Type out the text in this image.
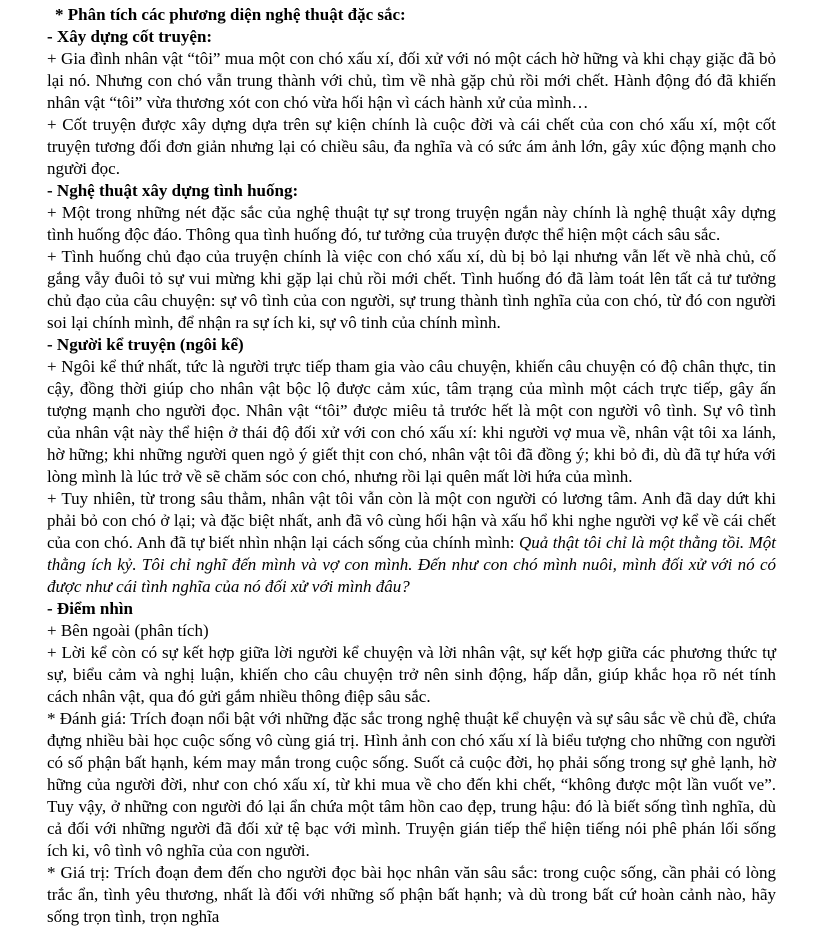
* Phân tích các phương diện nghệ thuật đặc sắc:

- Xây dựng cốt truyện:

+ Gia đình nhân vật “tôi” mua một con chó xấu xí, đối xử với nó một cách hờ hững và khi chạy giặc đã bỏ lại nó. Nhưng con chó vẫn trung thành với chủ, tìm về nhà gặp chủ rồi mới chết. Hành động đó đã khiến nhân vật “tôi” vừa thương xót con chó vừa hối hận vì cách hành xử của mình…

+ Cốt truyện được xây dựng dựa trên sự kiện chính là cuộc đời và cái chết của con chó xấu xí, một cốt truyện tương đối đơn giản nhưng lại có chiều sâu, đa nghĩa và có sức ám ảnh lớn, gây xúc động mạnh cho người đọc.

- Nghệ thuật xây dựng tình huống:

+ Một trong những nét đặc sắc của nghệ thuật tự sự trong truyện ngắn này chính là nghệ thuật xây dựng tình huống độc đáo. Thông qua tình huống đó, tư tưởng của truyện được thể hiện một cách sâu sắc.

+ Tình huống chủ đạo của truyện chính là việc con chó xấu xí, dù bị bỏ lại nhưng vẫn lết về nhà chủ, cố gắng vẫy đuôi tỏ sự vui mừng khi gặp lại chủ rồi mới chết. Tình huống đó đã làm toát lên tất cả tư tưởng chủ đạo của câu chuyện: sự vô tình của con người, sự trung thành tình nghĩa của con chó, từ đó con người soi lại chính mình, để nhận ra sự ích ki, sự vô tinh của chính mình.

- Người kể truyện (ngôi kể)

+ Ngôi kể thứ nhất, tức là người trực tiếp tham gia vào câu chuyện, khiến câu chuyện có độ chân thực, tin cậy, đồng thời giúp cho nhân vật bộc lộ được cảm xúc, tâm trạng của mình một cách trực tiếp, gây ấn tượng mạnh cho người đọc. Nhân vật “tôi” được miêu tả trước hết là một con người vô tình. Sự vô tình của nhân vật này thể hiện ở thái độ đối xử với con chó xấu xí: khi người vợ mua về, nhân vật tôi xa lánh, hờ hững; khi những người quen ngỏ ý giết thịt con chó, nhân vật tôi đã đồng ý; khi bỏ đi, dù đã tự hứa với lòng mình là lúc trở về sẽ chăm sóc con chó, nhưng rồi lại quên mất lời hứa của mình.

+ Tuy nhiên, từ trong sâu thẳm, nhân vật tôi vẫn còn là một con người có lương tâm. Anh đã day dứt khi phải bỏ con chó ở lại; và đặc biệt nhất, anh đã vô cùng hối hận và xấu hổ khi nghe người vợ kể về cái chết của con chó. Anh đã tự biết nhìn nhận lại cách sống của chính mình: Quả thật tôi chỉ là một thằng tồi. Một thằng ích kỷ. Tôi chỉ nghĩ đến mình và vợ con mình. Đến như con chó mình nuôi, mình đối xử với nó có được như cái tình nghĩa của nó đối xử với mình đâu?

- Điểm nhìn

+ Bên ngoài (phân tích)

+ Lời kể còn có sự kết hợp giữa lời người kể chuyện và lời nhân vật, sự kết hợp giữa các phương thức tự sự, biểu cảm và nghị luận, khiến cho câu chuyện trở nên sinh động, hấp dẫn, giúp khắc họa rõ nét tính cách nhân vật, qua đó gửi gắm nhiều thông điệp sâu sắc.

* Đánh giá: Trích đoạn nổi bật với những đặc sắc trong nghệ thuật kể chuyện và sự sâu sắc về chủ đề, chứa đựng nhiều bài học cuộc sống vô cùng giá trị. Hình ảnh con chó xấu xí là biểu tượng cho những con người có số phận bất hạnh, kém may mắn trong cuộc sống. Suốt cả cuộc đời, họ phải sống trong sự ghẻ lạnh, hờ hững của người đời, như con chó xấu xí, từ khi mua về cho đến khi chết, “không được một lần vuốt ve”. Tuy vậy, ở những con người đó lại ẩn chứa một tâm hồn cao đẹp, trung hậu: đó là biết sống tình nghĩa, dù cả đối với những người đã đối xử tệ bạc với mình. Truyện gián tiếp thể hiện tiếng nói phê phán lối sống ích ki, vô tình vô nghĩa của con người.

* Giá trị: Trích đoạn đem đến cho người đọc bài học nhân văn sâu sắc: trong cuộc sống, cần phải có lòng trắc ẩn, tình yêu thương, nhất là đối với những số phận bất hạnh; và dù trong bất cứ hoàn cảnh nào, hãy sống trọn tình, trọn nghĩa
